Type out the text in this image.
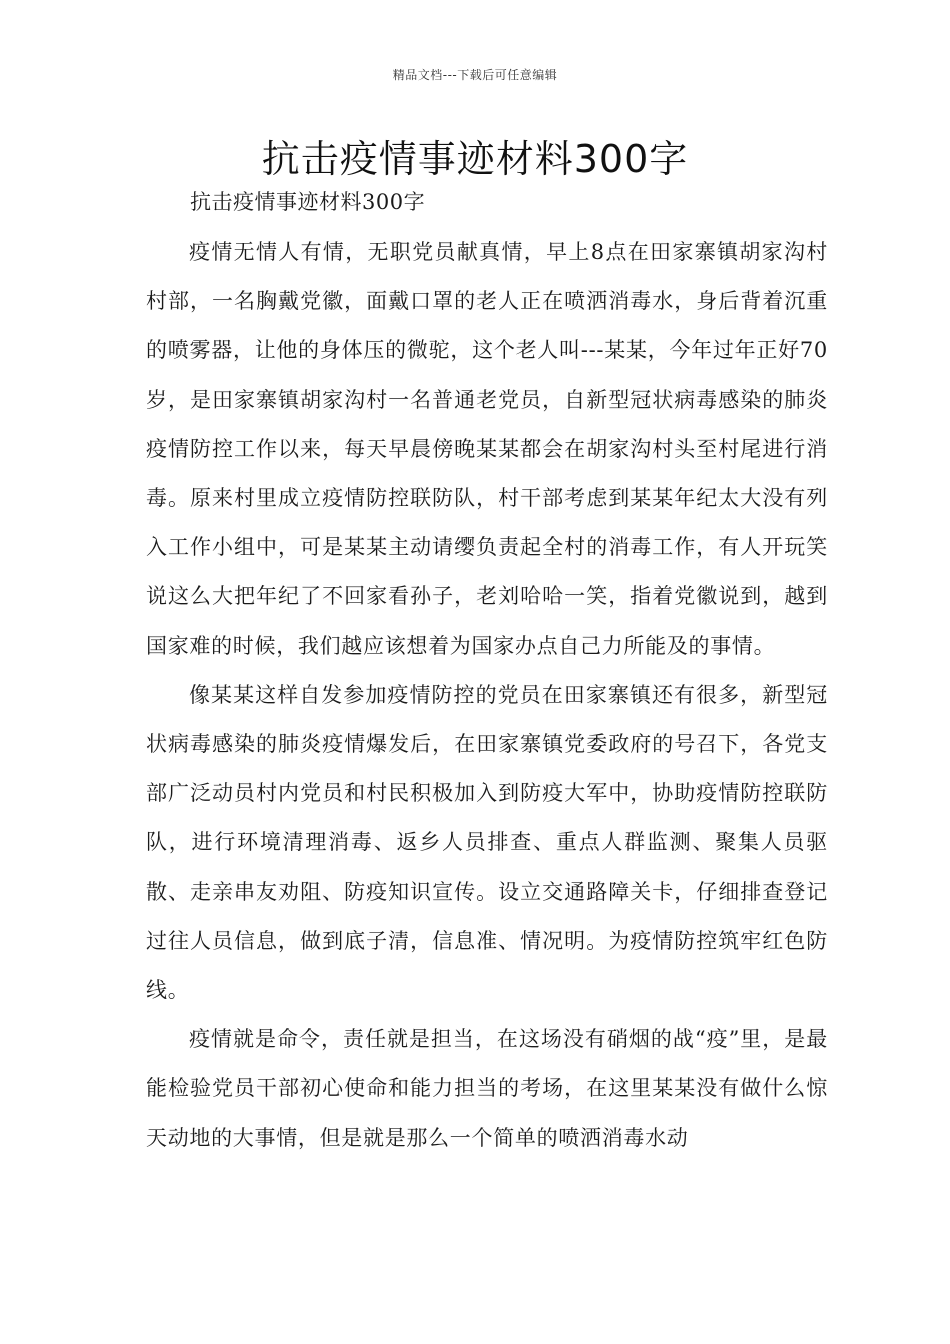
精品文档---下载后可任意编辑
抗击疫情事迹材料300字
抗击疫情事迹材料300字

疫情无情人有情，无职党员献真情，早上8点在田家寨镇胡家沟村村部，一名胸戴党徽，面戴口罩的老人正在喷洒消毒水，身后背着沉重的喷雾器，让他的身体压的微驼，这个老人叫---某某，今年过年正好70岁，是田家寨镇胡家沟村一名普通老党员，自新型冠状病毒感染的肺炎疫情防控工作以来，每天早晨傍晚某某都会在胡家沟村头至村尾进行消毒。原来村里成立疫情防控联防队，村干部考虑到某某年纪太大没有列入工作小组中，可是某某主动请缨负责起全村的消毒工作，有人开玩笑说这么大把年纪了不回家看孙子，老刘哈哈一笑，指着党徽说到，越到国家难的时候，我们越应该想着为国家办点自己力所能及的事情。

像某某这样自发参加疫情防控的党员在田家寨镇还有很多，新型冠状病毒感染的肺炎疫情爆发后，在田家寨镇党委政府的号召下，各党支部广泛动员村内党员和村民积极加入到防疫大军中，协助疫情防控联防队，进行环境清理消毒、返乡人员排查、重点人群监测、聚集人员驱散、走亲串友劝阻、防疫知识宣传。设立交通路障关卡，仔细排查登记过往人员信息，做到底子清，信息准、情况明。为疫情防控筑牢红色防线。

疫情就是命令，责任就是担当，在这场没有硝烟的战“疫”里，是最能检验党员干部初心使命和能力担当的考场，在这里某某没有做什么惊天动地的大事情，但是就是那么一个简单的喷洒消毒水动
